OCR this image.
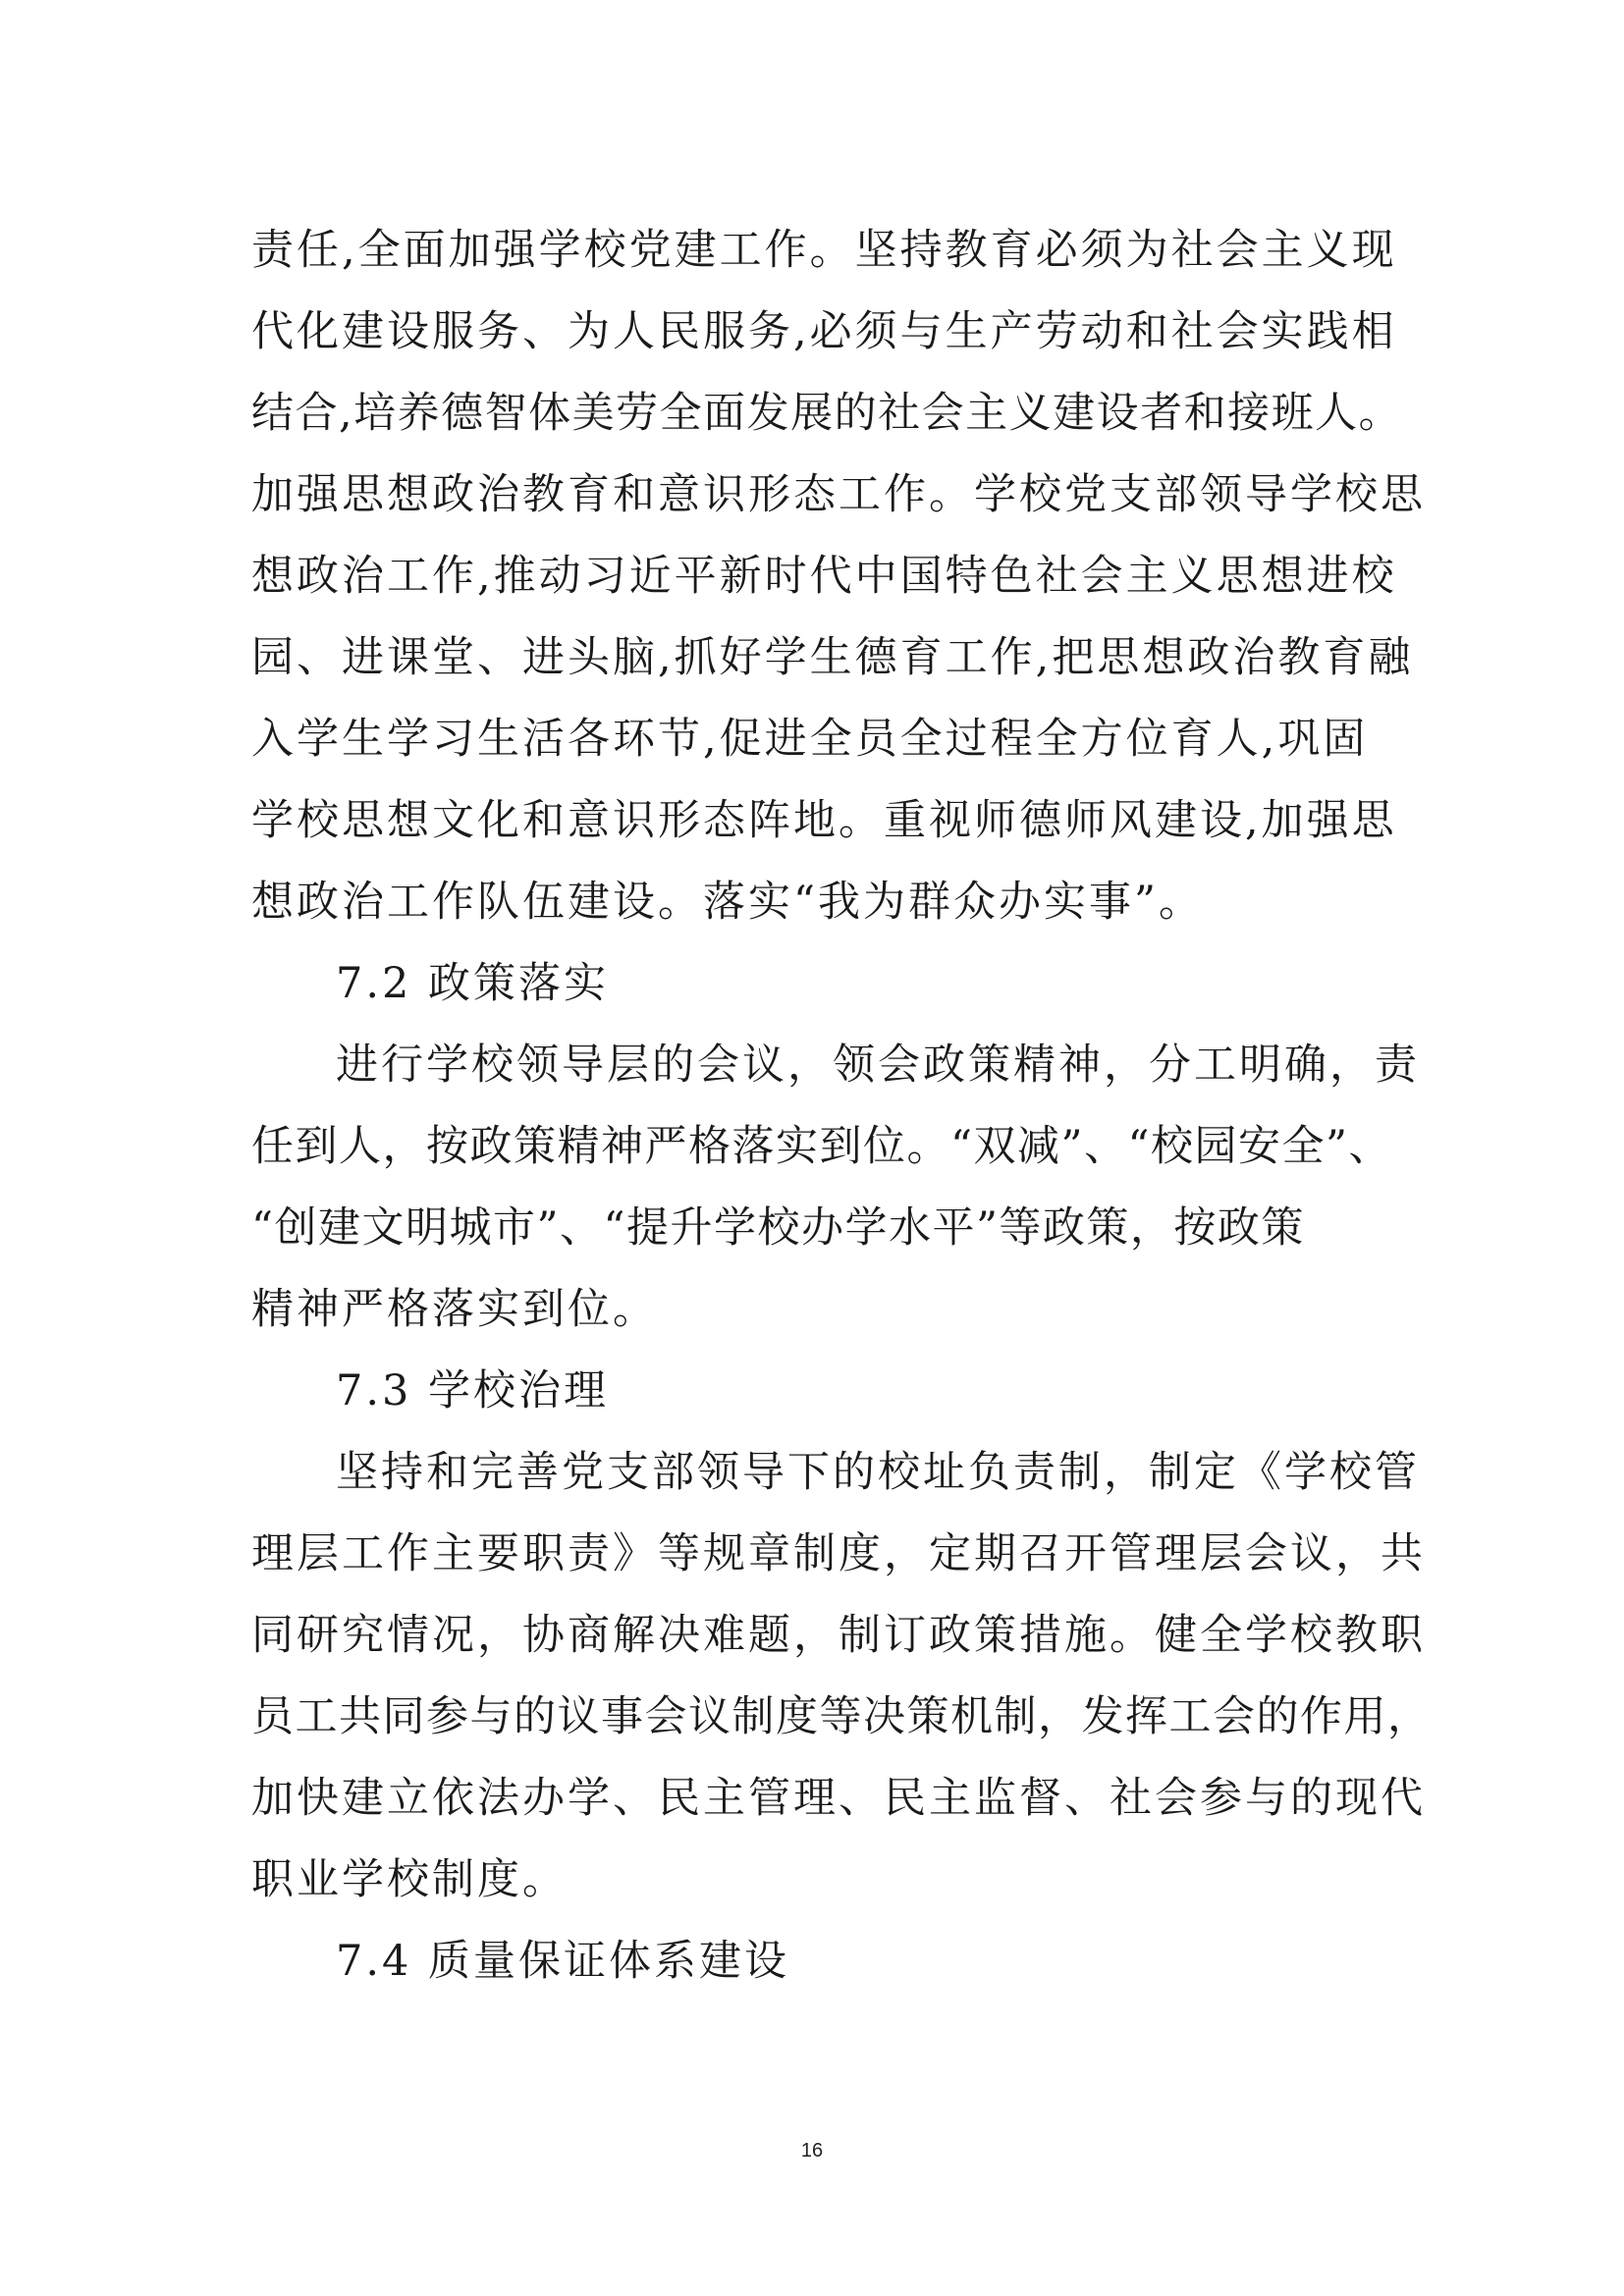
责任,全面加强学校党建工作。坚持教育必须为社会主义现
代化建设服务、为人民服务,必须与生产劳动和社会实践相
结合,培养德智体美劳全面发展的社会主义建设者和接班人。
加强思想政治教育和意识形态工作。学校党支部领导学校思
想政治工作,推动习近平新时代中国特色社会主义思想进校
园、进课堂、进头脑,抓好学生德育工作,把思想政治教育融
入学生学习生活各环节,促进全员全过程全方位育人,巩固
学校思想文化和意识形态阵地。重视师德师风建设,加强思
想政治工作队伍建设。落实“我为群众办实事”。
7.2 政策落实
进行学校领导层的会议，领会政策精神，分工明确，责
任到人，按政策精神严格落实到位。“双减”、“校园安全”、
“创建文明城市”、“提升学校办学水平”等政策，按政策
精神严格落实到位。
7.3 学校治理
坚持和完善党支部领导下的校址负责制，制定《学校管
理层工作主要职责》等规章制度，定期召开管理层会议，共
同研究情况，协商解决难题，制订政策措施。健全学校教职
员工共同参与的议事会议制度等决策机制，发挥工会的作用，
加快建立依法办学、民主管理、民主监督、社会参与的现代
职业学校制度。
7.4 质量保证体系建设
16
